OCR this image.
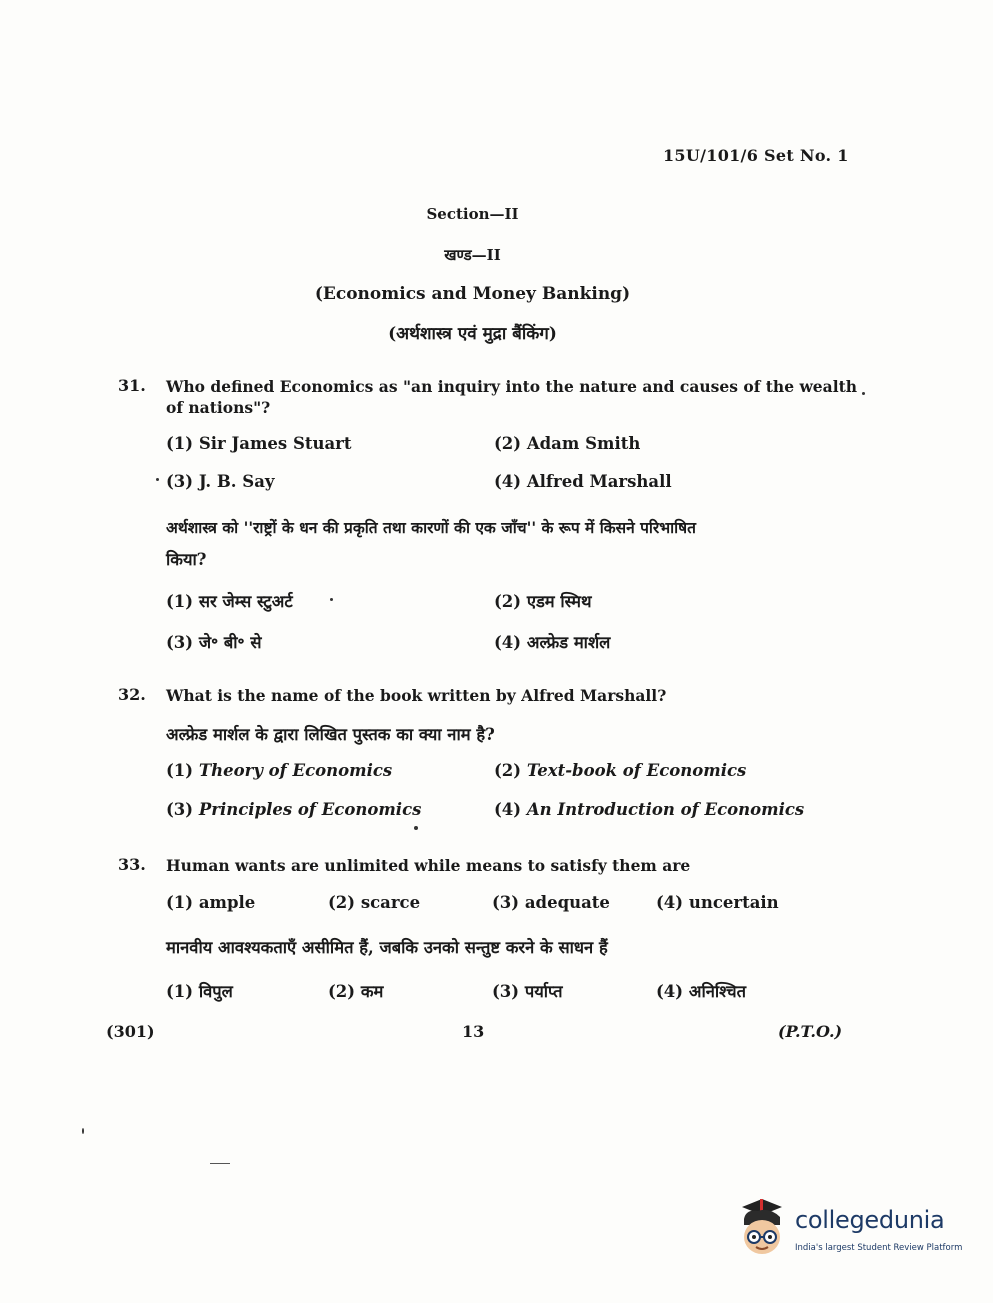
15U/101/6 Set No. 1
Section—II
खण्ड—II
(Economics and Money Banking)
(अर्थशास्त्र एवं मुद्रा बैंकिंग)
31. Who defined Economics as "an inquiry into the nature and causes of the wealth
of nations"?
(1) Sir James Stuart	(2) Adam Smith
(3) J. B. Say	(4) Alfred Marshall
अर्थशास्त्र को ''राष्ट्रों के धन की प्रकृति तथा कारणों की एक जाँच'' के रूप में किसने परिभाषित
किया?
(1) सर जेम्स स्टुअर्ट	(2) एडम स्मिथ
(3) जे॰ बी॰ से	(4) अल्फ्रेड मार्शल
32. What is the name of the book written by Alfred Marshall?
अल्फ्रेड मार्शल के द्वारा लिखित पुस्तक का क्या नाम है?
(1) Theory of Economics	(2) Text-book of Economics
(3) Principles of Economics	(4) An Introduction of Economics
33. Human wants are unlimited while means to satisfy them are
(1) ample	(2) scarce	(3) adequate	(4) uncertain
मानवीय आवश्यकताएँ असीमित हैं, जबकि उनको सन्तुष्ट करने के साधन हैं
(1) विपुल	(2) कम	(3) पर्याप्त	(4) अनिश्चित
(301)	13	(P.T.O.)
collegedunia
India's largest Student Review Platform
